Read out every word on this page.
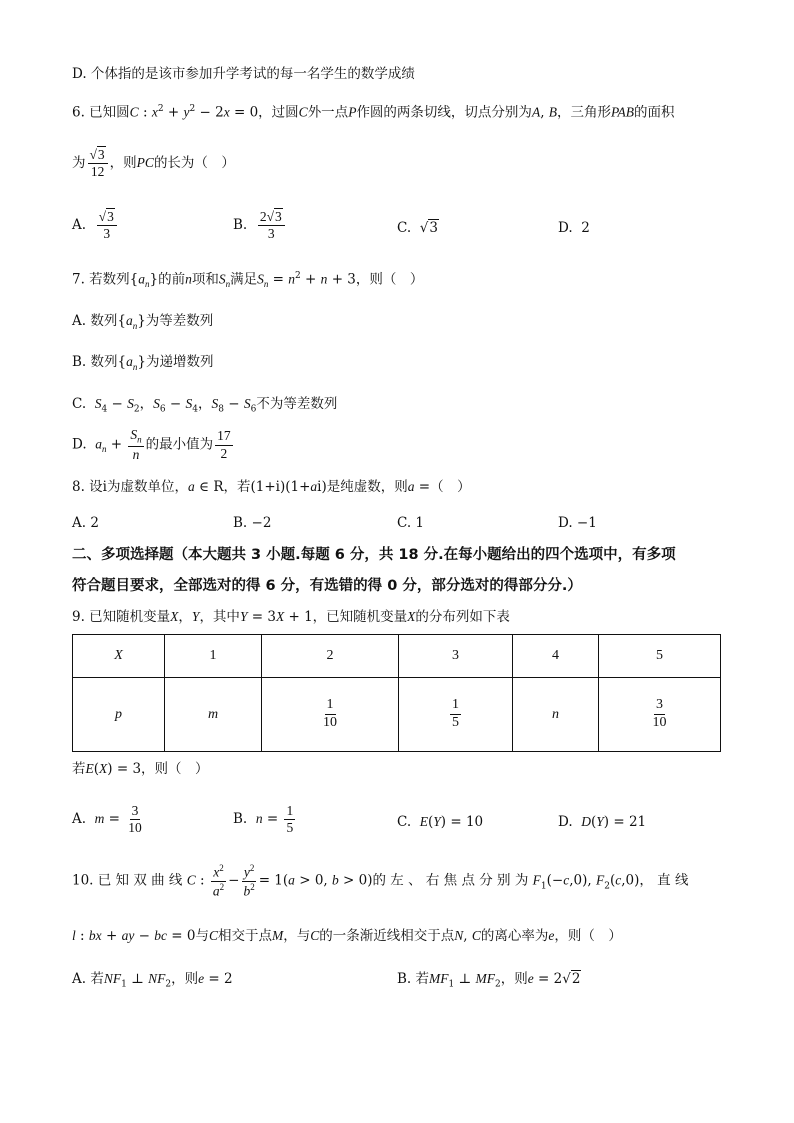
D. 个体指的是该市参加升学考试的每一名学生的数学成绩
6. 已知圆C : $x^2 + y^2 - 2x = 0$，过圆C外一点P作圆的两条切线，切点分别为A, B，三角形PAB的面积
为 √ $\frac{3}{12}$ ，则PC的长为（　）
A. √ $\frac{3}{3}$	B. $\frac{2 √ 3}{3}$	C. √ 3	D. 2
7. 若数列$\{a_n\}$的前n项和$S_n$满足$S_n = n^2 + n + 3$，则（　）
A. 数列$\{a_n\}$为等差数列
B. 数列$\{a_n\}$为递增数列
C. $S_4 - S_2$，$S_6 - S_4$，$S_8 - S_6$不为等差数列
D. $a_n + \frac{S_n}{n}$ 的最小值为 $\frac{17}{2}$
8. 设i为虚数单位，a ∈ R，若(1+i)(1+ai)是纯虚数，则a =（　）
A. 2	B. −2	C. 1	D. −1
二、多项选择题（本大题共 3 小题.每题 6 分，共 18 分.在每小题给出的四个选项中，有多项
符合题目要求，全部选对的得 6 分，有选错的得 0 分，部分选对的得部分分.）
9. 已知随机变量X，Y，其中Y = 3X + 1，已知随机变量X的分布列如下表
X	1	2	3	4	5
p	m	$\frac{1}{10}$	$\frac{1}{5}$	n	$\frac{3}{10}$
若E(X) = 3，则（　）
A. $m = \frac{3}{10}$	B. $n = \frac{1}{5}$	C. E(Y) = 10	D. D(Y) = 21
10. 已 知 双 曲 线 C : $\frac{x^2}{a^2} - \frac{y^2}{b^2} = 1(a > 0$, b > 0)的 左 、 右 焦 点 分 别 为 $F_1(-c,0)$, $F_2(c,0)$， 直 线
l : bx + ay − bc = 0与C相交于点M，与C的一条渐近线相交于点N, C的离心率为e，则（　）
A. 若$NF_1$ ⊥ $NF_2$，则e = 2	B. 若$MF_1$ ⊥ $MF_2$，则e = 2 √ 2
